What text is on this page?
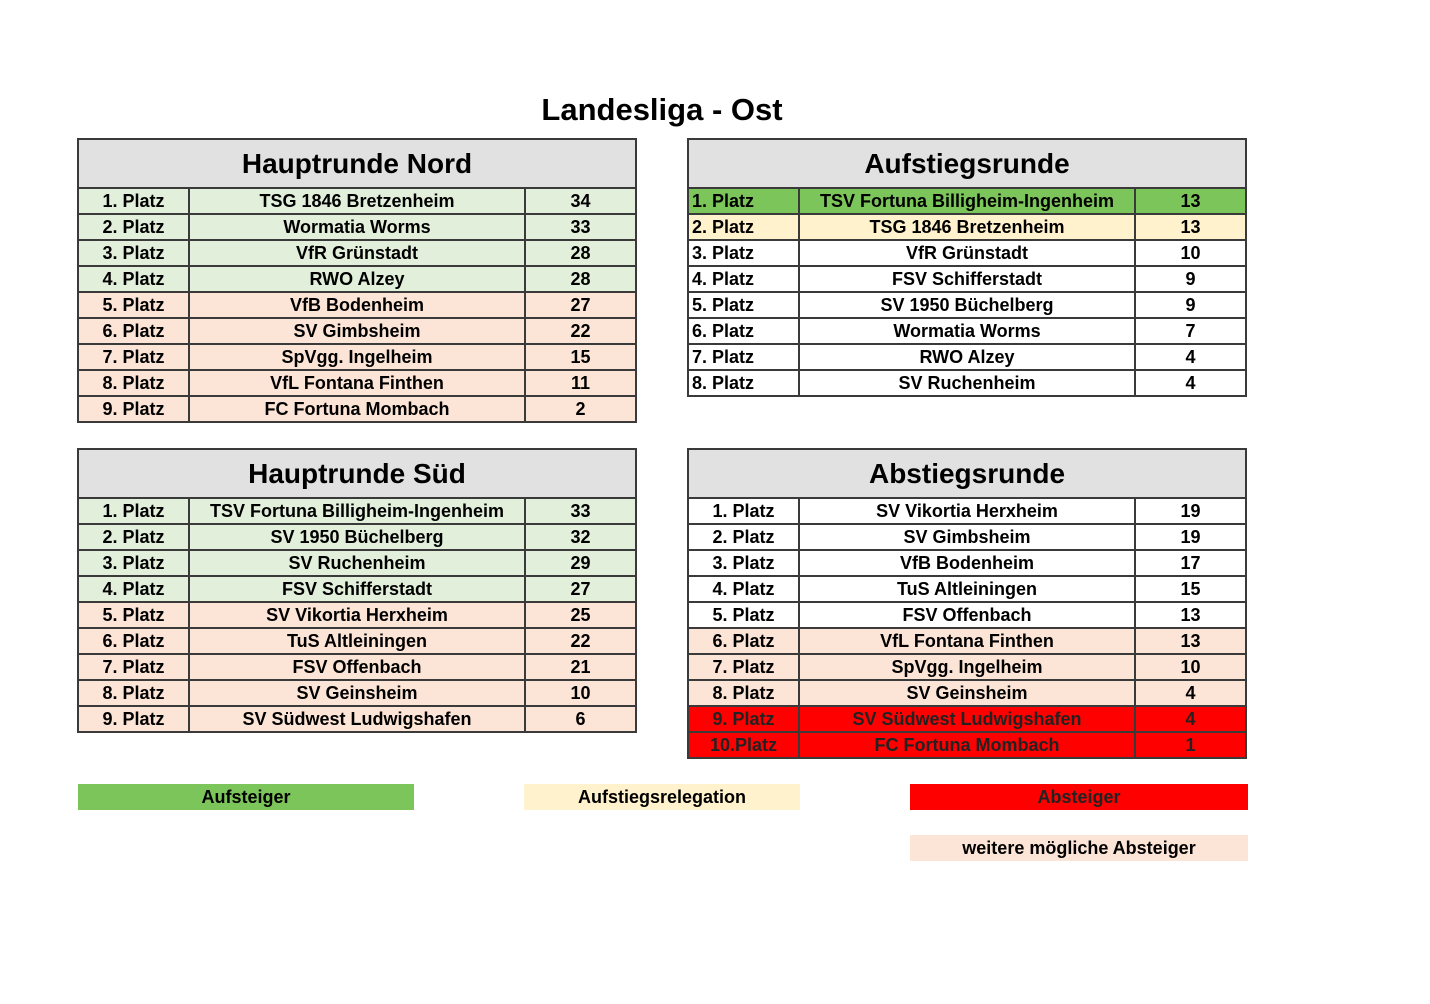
Landesliga - Ost
Hauptrunde Nord
1. Platz	TSG 1846 Bretzenheim	34
2. Platz	Wormatia Worms	33
3. Platz	VfR Grünstadt	28
4. Platz	RWO Alzey	28
5. Platz	VfB Bodenheim	27
6. Platz	SV Gimbsheim	22
7. Platz	SpVgg. Ingelheim	15
8. Platz	VfL Fontana Finthen	11
9. Platz	FC Fortuna Mombach	2
Aufstiegsrunde
1. Platz	TSV Fortuna Billigheim-Ingenheim	13
2. Platz	TSG 1846 Bretzenheim	13
3. Platz	VfR Grünstadt	10
4. Platz	FSV Schifferstadt	9
5. Platz	SV 1950 Büchelberg	9
6. Platz	Wormatia Worms	7
7. Platz	RWO Alzey	4
8. Platz	SV Ruchenheim	4
Hauptrunde Süd
1. Platz	TSV Fortuna Billigheim-Ingenheim	33
2. Platz	SV 1950 Büchelberg	32
3. Platz	SV Ruchenheim	29
4. Platz	FSV Schifferstadt	27
5. Platz	SV Vikortia Herxheim	25
6. Platz	TuS Altleiningen	22
7. Platz	FSV Offenbach	21
8. Platz	SV Geinsheim	10
9. Platz	SV Südwest Ludwigshafen	6
Abstiegsrunde
1. Platz	SV Vikortia Herxheim	19
2. Platz	SV Gimbsheim	19
3. Platz	VfB Bodenheim	17
4. Platz	TuS Altleiningen	15
5. Platz	FSV Offenbach	13
6. Platz	VfL Fontana Finthen	13
7. Platz	SpVgg. Ingelheim	10
8. Platz	SV Geinsheim	4
9. Platz	SV Südwest Ludwigshafen	4
10.Platz	FC Fortuna Mombach	1
Aufsteiger	Aufstiegsrelegation	Absteiger
weitere mögliche Absteiger
